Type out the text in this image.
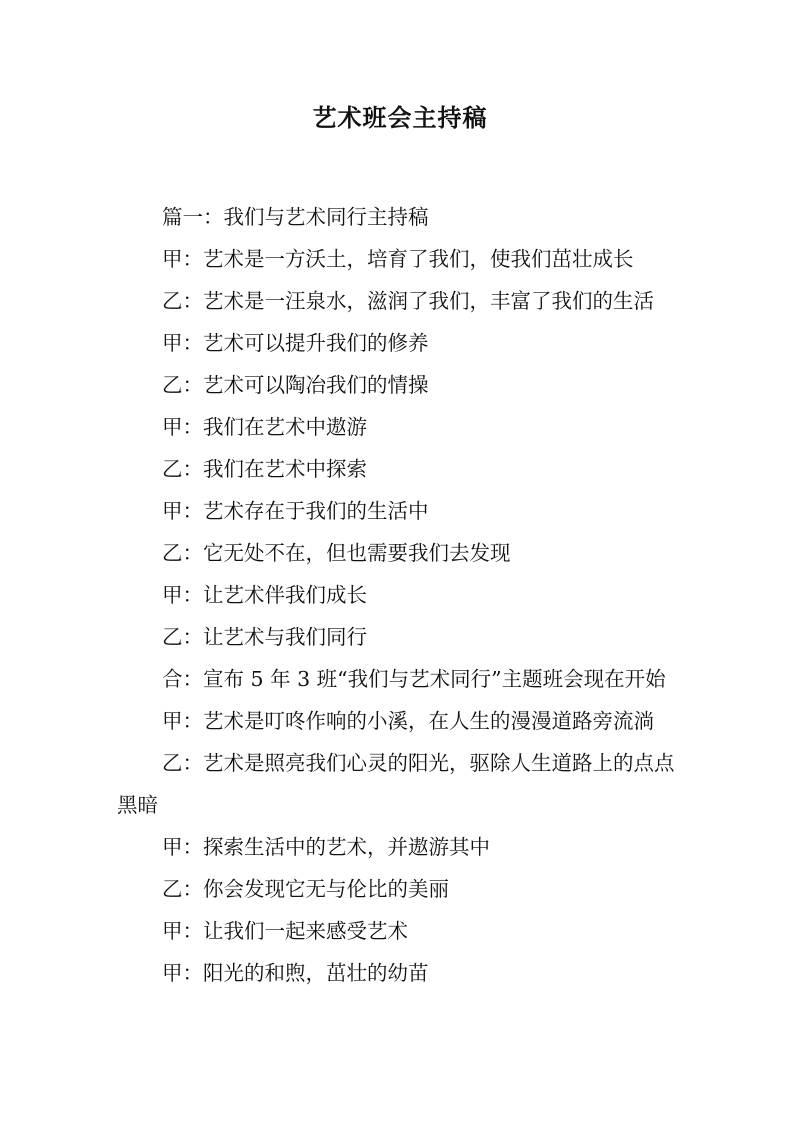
艺术班会主持稿

篇一：我们与艺术同行主持稿

甲：艺术是一方沃土，培育了我们，使我们茁壮成长

乙：艺术是一汪泉水，滋润了我们，丰富了我们的生活

甲：艺术可以提升我们的修养

乙：艺术可以陶冶我们的情操

甲：我们在艺术中遨游

乙：我们在艺术中探索

甲：艺术存在于我们的生活中

乙：它无处不在，但也需要我们去发现

甲：让艺术伴我们成长

乙：让艺术与我们同行

合：宣布 5 年 3 班“我们与艺术同行”主题班会现在开始

甲：艺术是叮咚作响的小溪，在人生的漫漫道路旁流淌

乙：艺术是照亮我们心灵的阳光，驱除人生道路上的点点黑暗

甲：探索生活中的艺术，并遨游其中

乙：你会发现它无与伦比的美丽

甲：让我们一起来感受艺术

甲：阳光的和煦，茁壮的幼苗
